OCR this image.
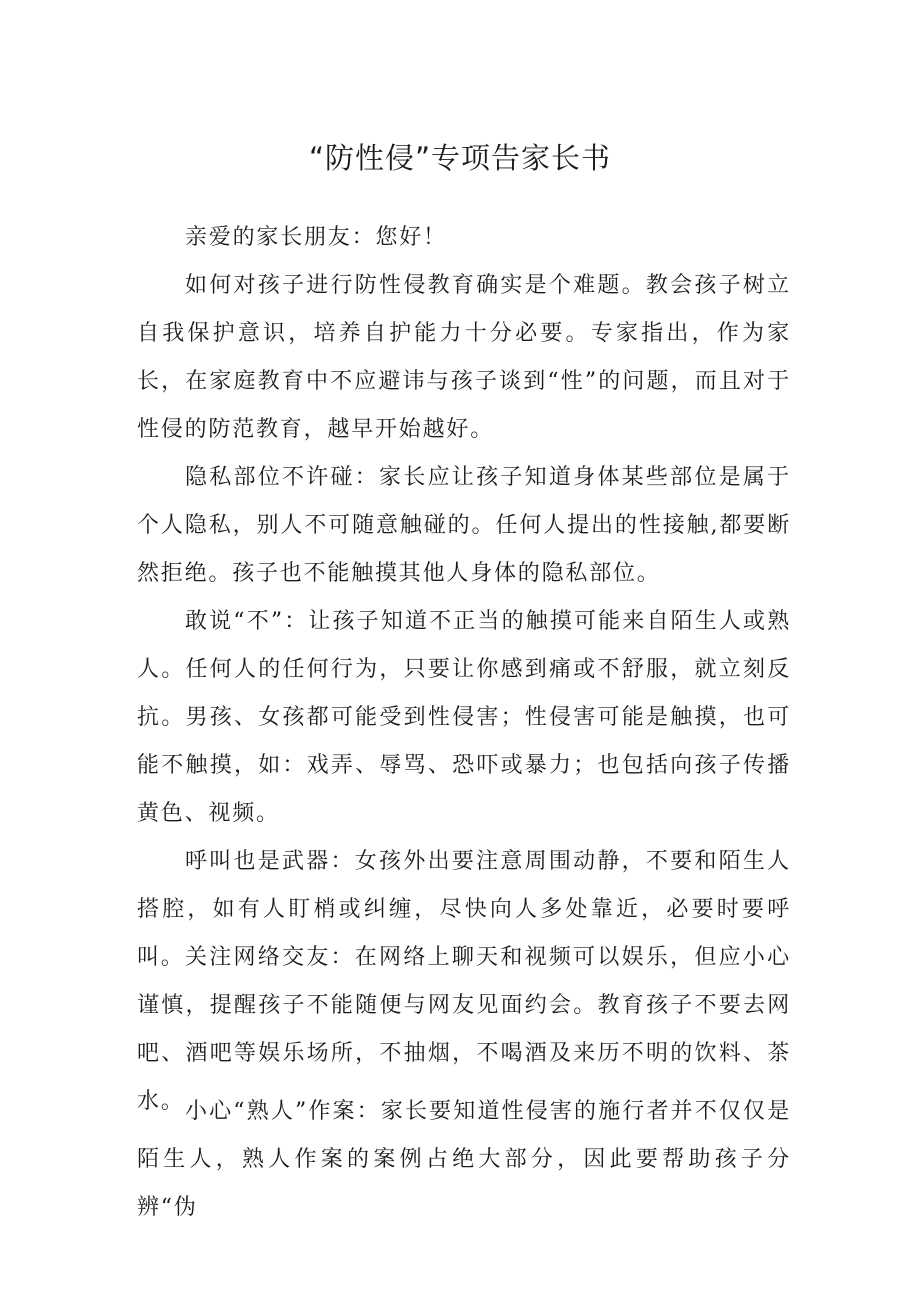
“防性侵”专项告家长书

亲爱的家长朋友：您好！

如何对孩子进行防性侵教育确实是个难题。教会孩子树立自我保护意识，培养自护能力十分必要。专家指出，作为家长，在家庭教育中不应避讳与孩子谈到“性”的问题，而且对于性侵的防范教育，越早开始越好。

隐私部位不许碰：家长应让孩子知道身体某些部位是属于个人隐私，别人不可随意触碰的。任何人提出的性接触,都要断然拒绝。孩子也不能触摸其他人身体的隐私部位。

敢说“不”：让孩子知道不正当的触摸可能来自陌生人或熟人。任何人的任何行为，只要让你感到痛或不舒服，就立刻反抗。男孩、女孩都可能受到性侵害；性侵害可能是触摸，也可能不触摸，如：戏弄、辱骂、恐吓或暴力；也包括向孩子传播黄色、视频。

呼叫也是武器：女孩外出要注意周围动静，不要和陌生人搭腔，如有人盯梢或纠缠，尽快向人多处靠近，必要时要呼叫。 关注网络交友：在网络上聊天和视频可以娱乐，但应小心谨慎，提醒孩子不能随便与网友见面约会。教育孩子不要去网吧、酒吧等娱乐场所，不抽烟，不喝酒及来历不明的饮料、茶水。 小心“熟人”作案：家长要知道性侵害的施行者并不仅仅是陌生人，熟人作案的案例占绝大部分，因此要帮助孩子分辨“伪
